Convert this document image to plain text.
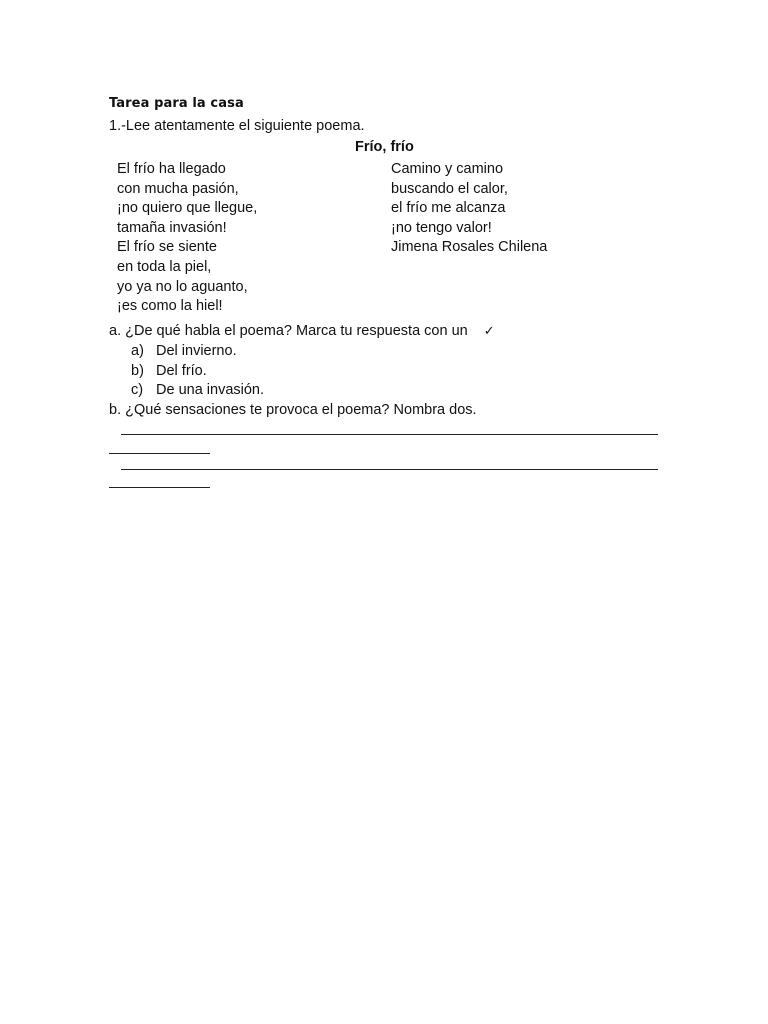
Tarea para la casa
1.-Lee atentamente el siguiente poema.
Frío, frío
El frío ha llegado
con mucha pasión,
¡no quiero que llegue,
tamaña invasión!
El frío se siente
en toda la piel,
yo ya no lo aguanto,
¡es como la hiel!
Camino y camino
buscando el calor,
el frío me alcanza
¡no tengo valor!
Jimena Rosales Chilena
a. ¿De qué habla el poema? Marca tu respuesta con un ✓
a) Del invierno.
b) Del frío.
c) De una invasión.
b. ¿Qué sensaciones te provoca el poema? Nombra dos.
